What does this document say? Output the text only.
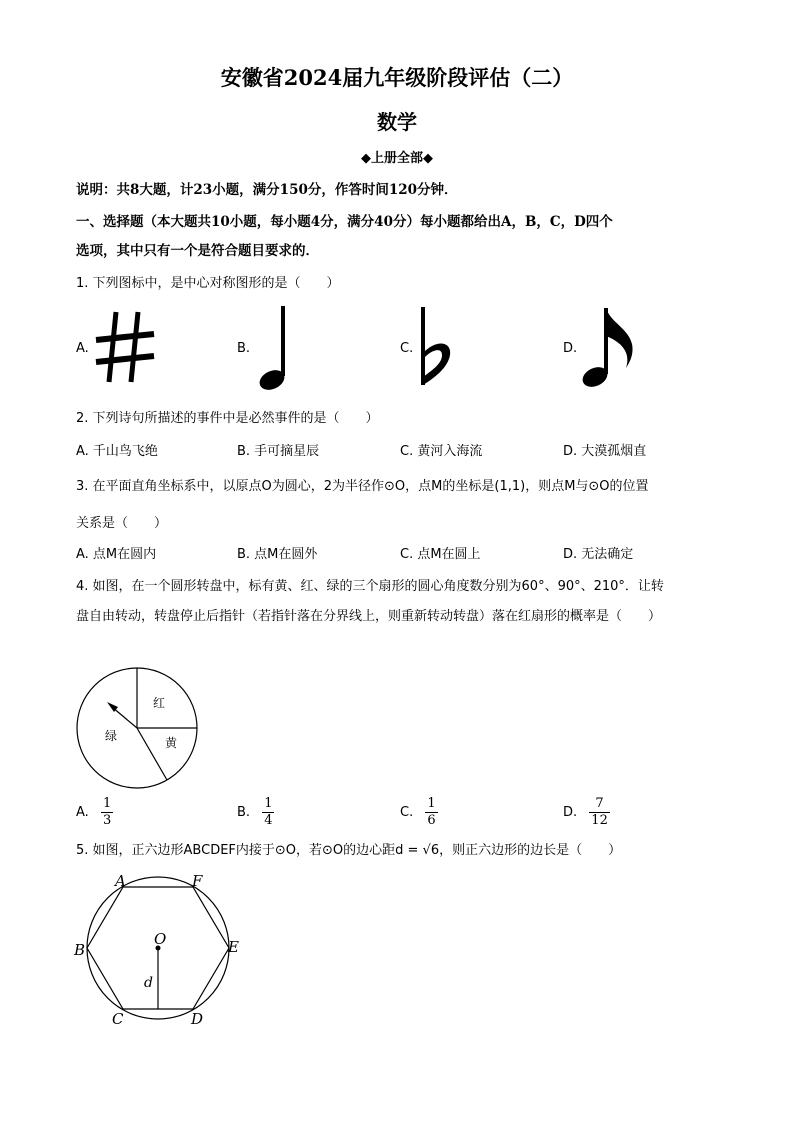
安徽省2024届九年级阶段评估（二）
数学
◆上册全部◆
说明：共8大题，计23小题，满分150分，作答时间120分钟．
一、选择题（本大题共10小题，每小题4分，满分40分）每小题都给出A，B，C，D四个
选项，其中只有一个是符合题目要求的．
1. 下列图标中，是中心对称图形的是（　　）
A.	B.	C.	D.
2. 下列诗句所描述的事件中是必然事件的是（　　）
A. 千山鸟飞绝	B. 手可摘星辰	C. 黄河入海流	D. 大漠孤烟直
3. 在平面直角坐标系中，以原点O为圆心，2为半径作⊙O，点M的坐标是(1,1)，则点M与⊙O的位置
关系是（　　）
A. 点M在圆内	B. 点M在圆外	C. 点M在圆上	D. 无法确定
4. 如图，在一个圆形转盘中，标有黄、红、绿的三个扇形的圆心角度数分别为60°、90°、210°．让转
盘自由转动，转盘停止后指针（若指针落在分界线上，则重新转动转盘）落在红扇形的概率是（　　）
红
黄
绿
A. $\frac{1}{3}$	B. $\frac{1}{4}$	C. $\frac{1}{6}$	D. $\frac{7}{12}$
5. 如图，正六边形ABCDEF内接于⊙O，若⊙O的边心距d = √6，则正六边形的边长是（　　）
A	F
B	E
C	D
O
d
